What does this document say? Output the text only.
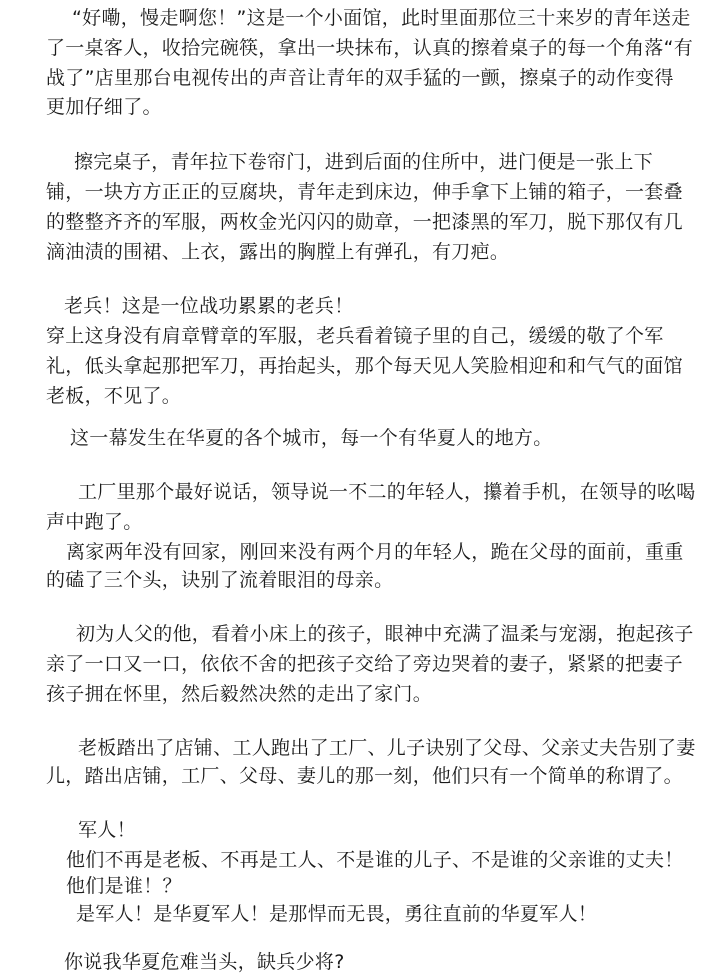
“好嘞，慢走啊您！”这是一个小面馆，此时里面那位三十来岁的青年送走
了一桌客人，收拾完碗筷，拿出一块抹布，认真的擦着桌子的每一个角落“有
战了”店里那台电视传出的声音让青年的双手猛的一颤，擦桌子的动作变得
更加仔细了。
擦完桌子，青年拉下卷帘门，进到后面的住所中，进门便是一张上下
铺，一块方方正正的豆腐块，青年走到床边，伸手拿下上铺的箱子，一套叠
的整整齐齐的军服，两枚金光闪闪的勋章，一把漆黑的军刀，脱下那仅有几
滴油渍的围裙、上衣，露出的胸膛上有弹孔，有刀疤。
老兵！这是一位战功累累的老兵！
穿上这身没有肩章臂章的军服，老兵看着镜子里的自己，缓缓的敬了个军
礼，低头拿起那把军刀，再抬起头，那个每天见人笑脸相迎和和气气的面馆
老板，不见了。
这一幕发生在华夏的各个城市，每一个有华夏人的地方。
工厂里那个最好说话，领导说一不二的年轻人，攥着手机，在领导的吆喝
声中跑了。
离家两年没有回家，刚回来没有两个月的年轻人，跪在父母的面前，重重
的磕了三个头，诀别了流着眼泪的母亲。
初为人父的他，看着小床上的孩子，眼神中充满了温柔与宠溺，抱起孩子
亲了一口又一口，依依不舍的把孩子交给了旁边哭着的妻子，紧紧的把妻子
孩子拥在怀里，然后毅然决然的走出了家门。
老板踏出了店铺、工人跑出了工厂、儿子诀别了父母、父亲丈夫告别了妻
儿，踏出店铺，工厂、父母、妻儿的那一刻，他们只有一个简单的称谓了。
军人！
他们不再是老板、不再是工人、不是谁的儿子、不是谁的父亲谁的丈夫！
他们是谁！？
是军人！是华夏军人！是那悍而无畏，勇往直前的华夏军人！
你说我华夏危难当头，缺兵少将?
